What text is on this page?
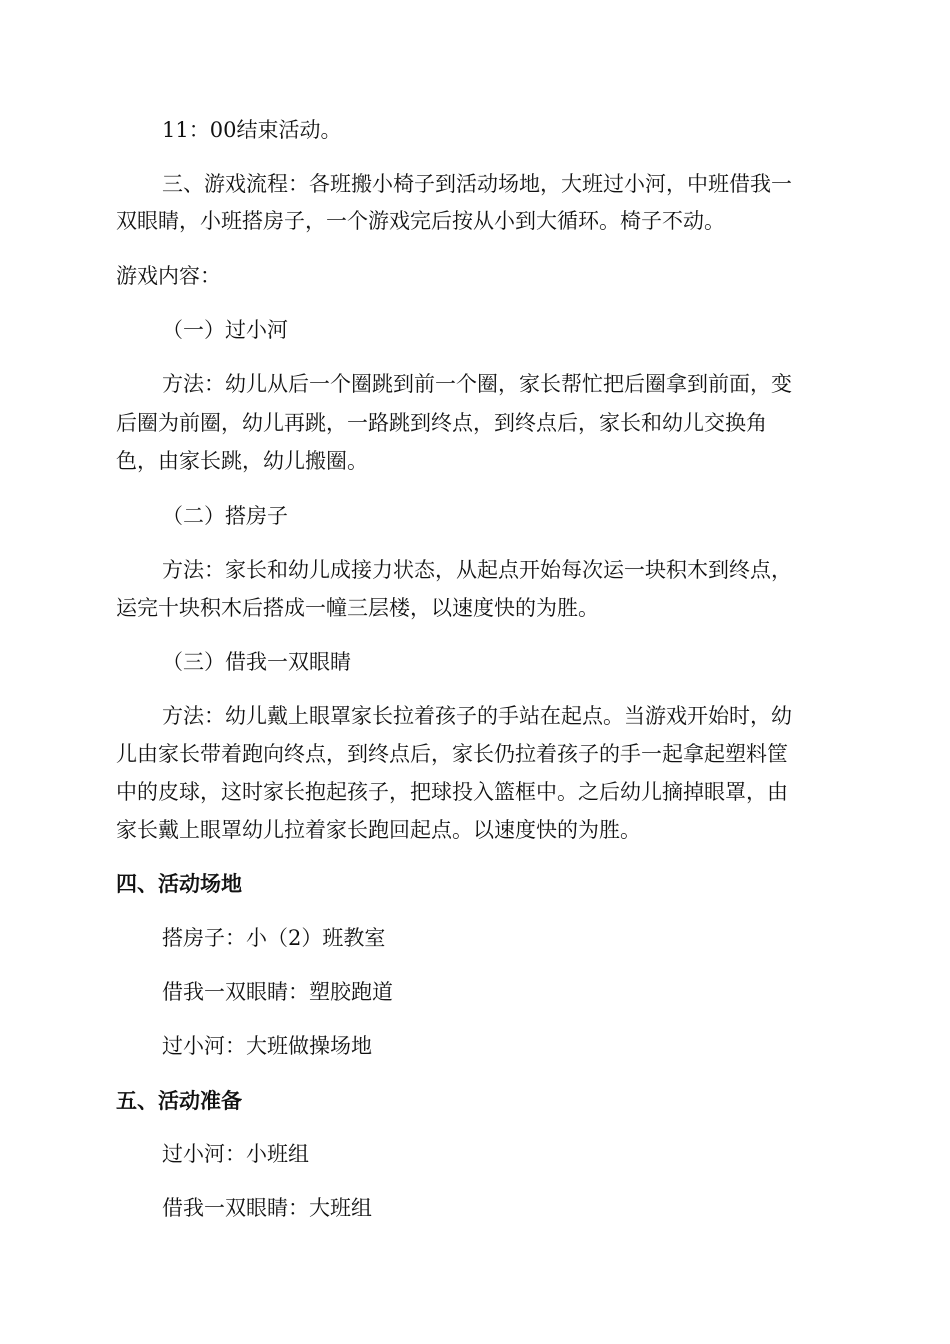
11：00结束活动。
三、游戏流程：各班搬小椅子到活动场地，大班过小河，中班借我一
双眼睛，小班搭房子，一个游戏完后按从小到大循环。椅子不动。
游戏内容：
（一）过小河
方法：幼儿从后一个圈跳到前一个圈，家长帮忙把后圈拿到前面，变
后圈为前圈，幼儿再跳，一路跳到终点，到终点后，家长和幼儿交换角
色，由家长跳，幼儿搬圈。
（二）搭房子
方法：家长和幼儿成接力状态，从起点开始每次运一块积木到终点，
运完十块积木后搭成一幢三层楼，以速度快的为胜。
（三）借我一双眼睛
方法：幼儿戴上眼罩家长拉着孩子的手站在起点。当游戏开始时，幼
儿由家长带着跑向终点，到终点后，家长仍拉着孩子的手一起拿起塑料筐
中的皮球，这时家长抱起孩子，把球投入篮框中。之后幼儿摘掉眼罩，由
家长戴上眼罩幼儿拉着家长跑回起点。以速度快的为胜。
四、活动场地
搭房子：小（2）班教室
借我一双眼睛：塑胶跑道
过小河：大班做操场地
五、活动准备
过小河：小班组
借我一双眼睛：大班组
